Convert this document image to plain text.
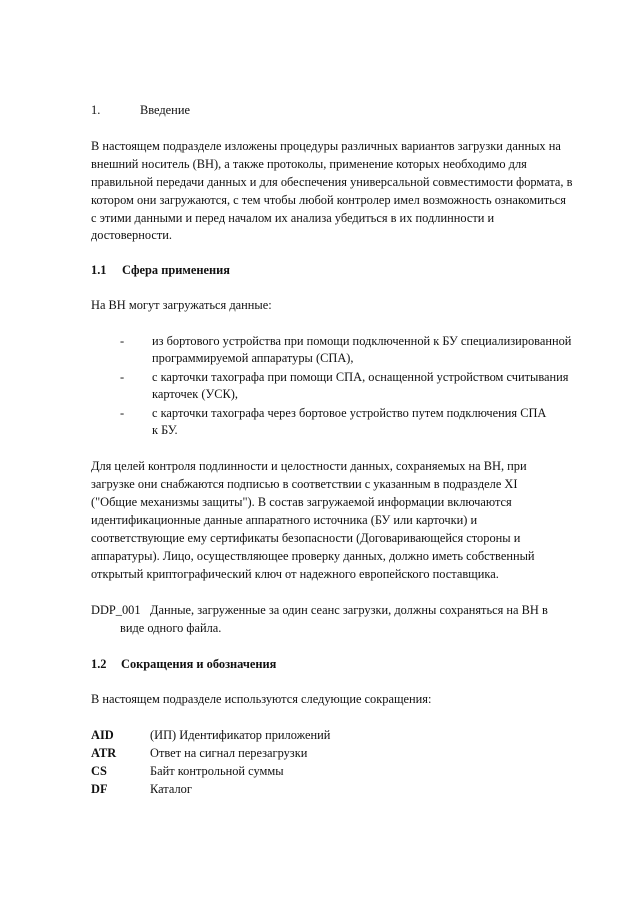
1.	Введение
В настоящем подразделе изложены процедуры различных вариантов загрузки данных на
внешний носитель (ВН), а также протоколы, применение которых необходимо для
правильной передачи данных и для обеспечения универсальной совместимости формата, в
котором они загружаются, с тем чтобы любой контролер имел возможность ознакомиться
с этими данными и перед началом их анализа убедиться в их подлинности и
достоверности.
1.1 Сфера применения
На ВН могут загружаться данные:
- из бортового устройства при помощи подключенной к БУ специализированной
программируемой аппаратуры (СПА),
- с карточки тахографа при помощи СПА, оснащенной устройством считывания
карточек (УСК),
- с карточки тахографа через бортовое устройство путем подключения СПА
к БУ.
Для целей контроля подлинности и целостности данных, сохраняемых на ВН, при
загрузке они снабжаются подписью в соответствии с указанным в подразделе XI
("Общие механизмы защиты"). В состав загружаемой информации включаются
идентификационные данные аппаратного источника (БУ или карточки) и
соответствующие ему сертификаты безопасности (Договаривающейся стороны и
аппаратуры). Лицо, осуществляющее проверку данных, должно иметь собственный
открытый криптографический ключ от надежного европейского поставщика.
DDP_001 Данные, загруженные за один сеанс загрузки, должны сохраняться на ВН в
виде одного файла.
1.2 Сокращения и обозначения
В настоящем подразделе используются следующие сокращения:
AID	(ИП) Идентификатор приложений
ATR	Ответ на сигнал перезагрузки
CS	Байт контрольной суммы
DF	Каталог
